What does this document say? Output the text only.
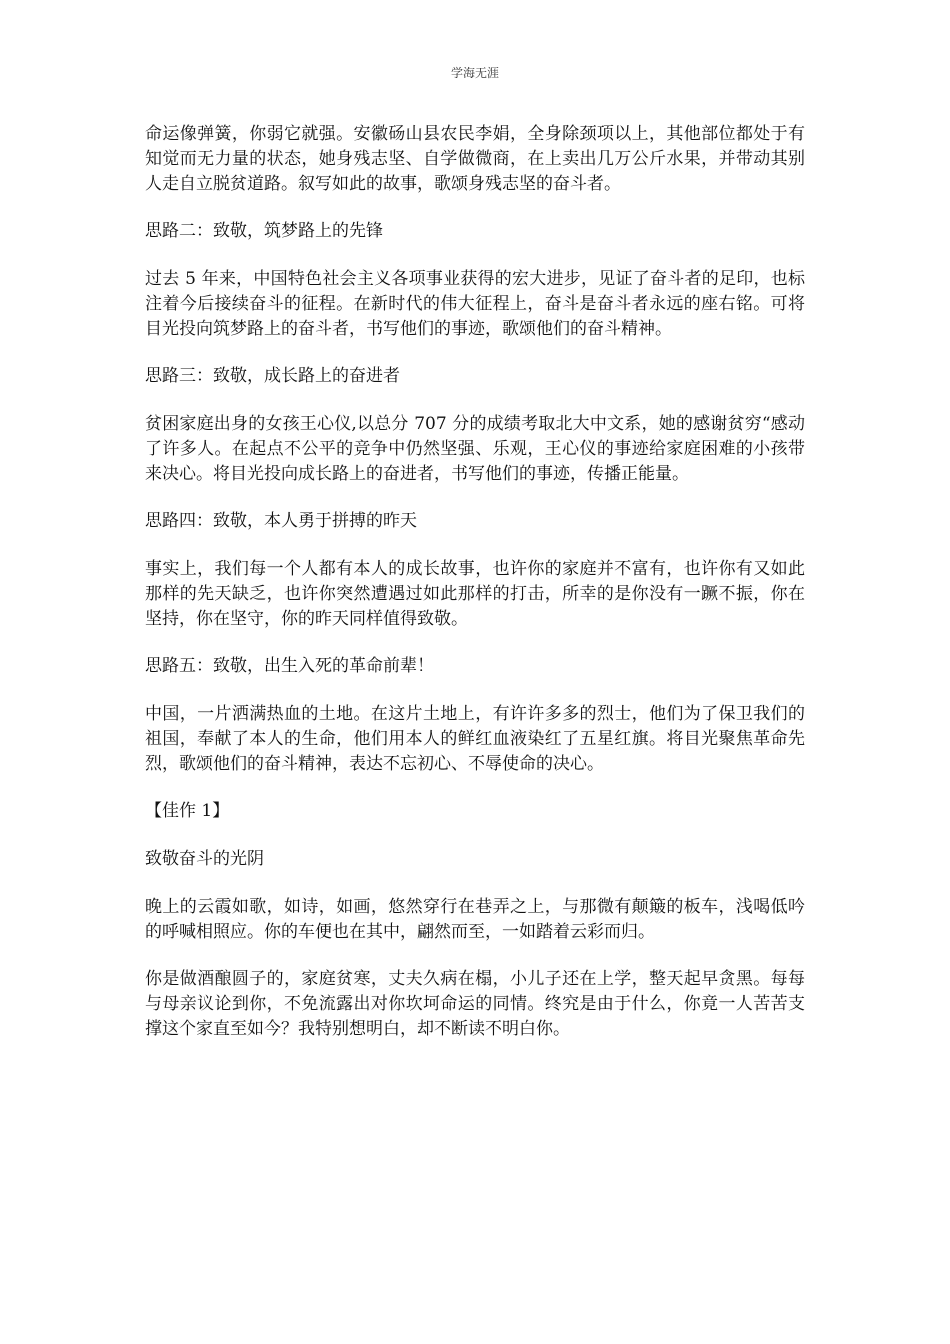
学海无涯

命运像弹簧，你弱它就强。安徽砀山县农民李娟，全身除颈项以上，其他部位都处于有知觉而无力量的状态，她身残志坚、自学做微商，在上卖出几万公斤水果，并带动其别人走自立脱贫道路。叙写如此的故事，歌颂身残志坚的奋斗者。

思路二：致敬，筑梦路上的先锋

过去 5 年来，中国特色社会主义各项事业获得的宏大进步，见证了奋斗者的足印，也标注着今后接续奋斗的征程。在新时代的伟大征程上，奋斗是奋斗者永远的座右铭。可将目光投向筑梦路上的奋斗者，书写他们的事迹，歌颂他们的奋斗精神。

思路三：致敬，成长路上的奋进者

贫困家庭出身的女孩王心仪,以总分 707 分的成绩考取北大中文系，她的感谢贫穷“感动了许多人。在起点不公平的竞争中仍然坚强、乐观，王心仪的事迹给家庭困难的小孩带来决心。将目光投向成长路上的奋进者，书写他们的事迹，传播正能量。

思路四：致敬，本人勇于拼搏的昨天

事实上，我们每一个人都有本人的成长故事，也许你的家庭并不富有，也许你有又如此那样的先天缺乏，也许你突然遭遇过如此那样的打击，所幸的是你没有一蹶不振，你在坚持，你在坚守，你的昨天同样值得致敬。

思路五：致敬，出生入死的革命前辈！

中国，一片洒满热血的土地。在这片土地上，有许许多多的烈士，他们为了保卫我们的祖国，奉献了本人的生命，他们用本人的鲜红血液染红了五星红旗。将目光聚焦革命先烈，歌颂他们的奋斗精神，表达不忘初心、不辱使命的决心。

【佳作 1】

致敬奋斗的光阴

晚上的云霞如歌，如诗，如画，悠然穿行在巷弄之上，与那微有颠簸的板车，浅喝低吟的呼喊相照应。你的车便也在其中，翩然而至，一如踏着云彩而归。

你是做酒酿圆子的，家庭贫寒，丈夫久病在榻，小儿子还在上学，整天起早贪黑。每每与母亲议论到你，不免流露出对你坎坷命运的同情。终究是由于什么，你竟一人苦苦支撑这个家直至如今？我特别想明白，却不断读不明白你。
